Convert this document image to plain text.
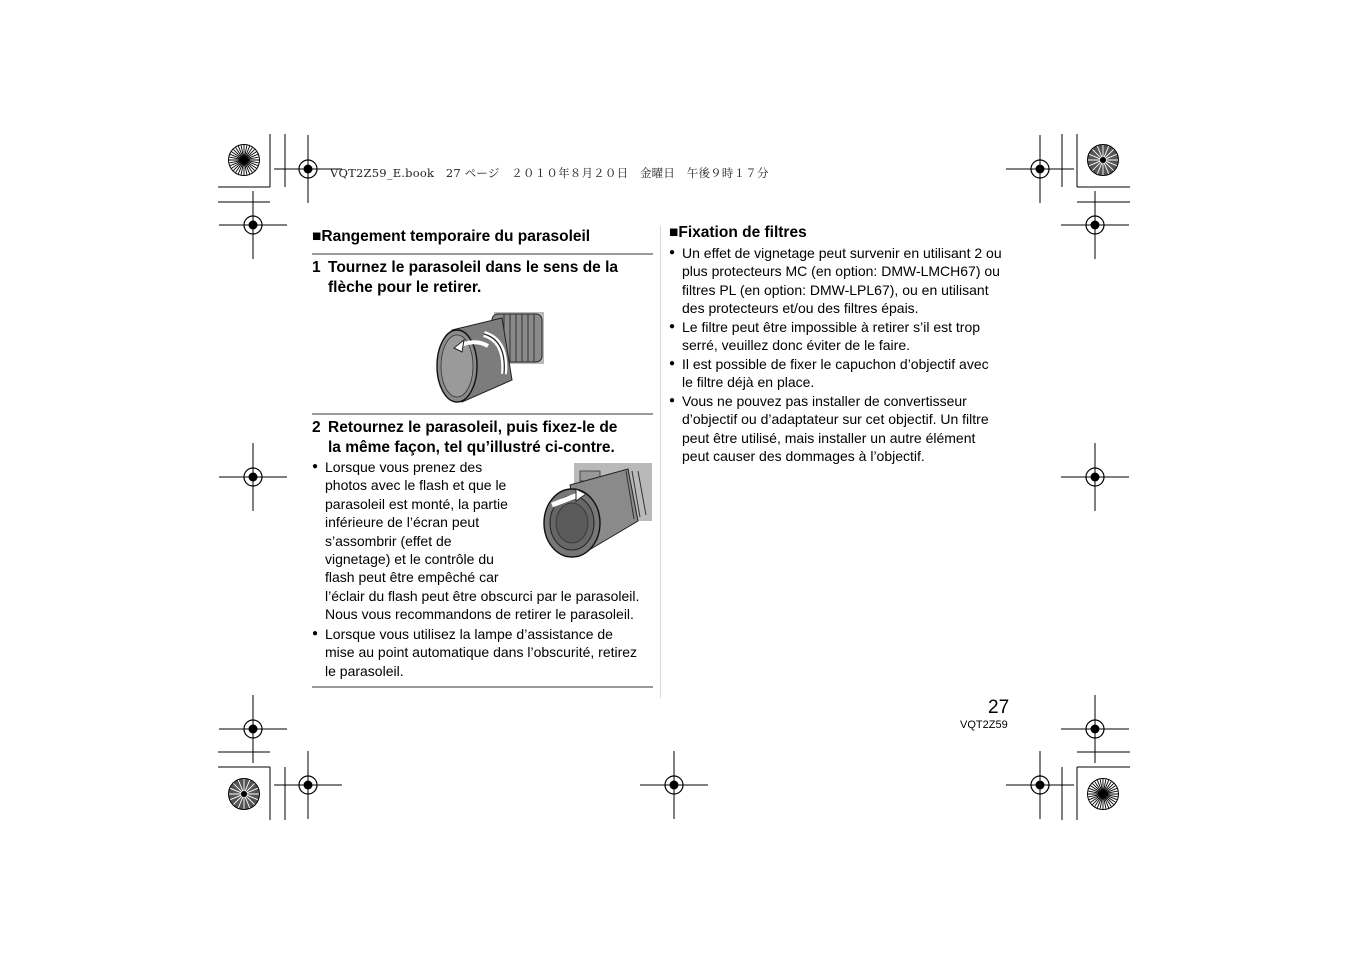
VQT2Z59_E.book　27 ページ　２０１０年８月２０日　金曜日　午後９時１７分
■Rangement temporaire du parasoleil
1 Tournez le parasoleil dans le sens de la
flèche pour le retirer.
2 Retournez le parasoleil, puis fixez-le de
la même façon, tel qu’illustré ci-contre.
● Lorsque vous prenez des
photos avec le flash et que le
parasoleil est monté, la partie
inférieure de l’écran peut
s’assombrir (effet de
vignetage) et le contrôle du
flash peut être empêché car
l’éclair du flash peut être obscurci par le parasoleil.
Nous vous recommandons de retirer le parasoleil.
● Lorsque vous utilisez la lampe d’assistance de
mise au point automatique dans l’obscurité, retirez
le parasoleil.
■Fixation de filtres
● Un effet de vignetage peut survenir en utilisant 2 ou
plus protecteurs MC (en option: DMW-LMCH67) ou
filtres PL (en option: DMW-LPL67), ou en utilisant
des protecteurs et/ou des filtres épais.
● Le filtre peut être impossible à retirer s’il est trop
serré, veuillez donc éviter de le faire.
● Il est possible de fixer le capuchon d’objectif avec
le filtre déjà en place.
● Vous ne pouvez pas installer de convertisseur
d’objectif ou d’adaptateur sur cet objectif. Un filtre
peut être utilisé, mais installer un autre élément
peut causer des dommages à l’objectif.
27
VQT2Z59
